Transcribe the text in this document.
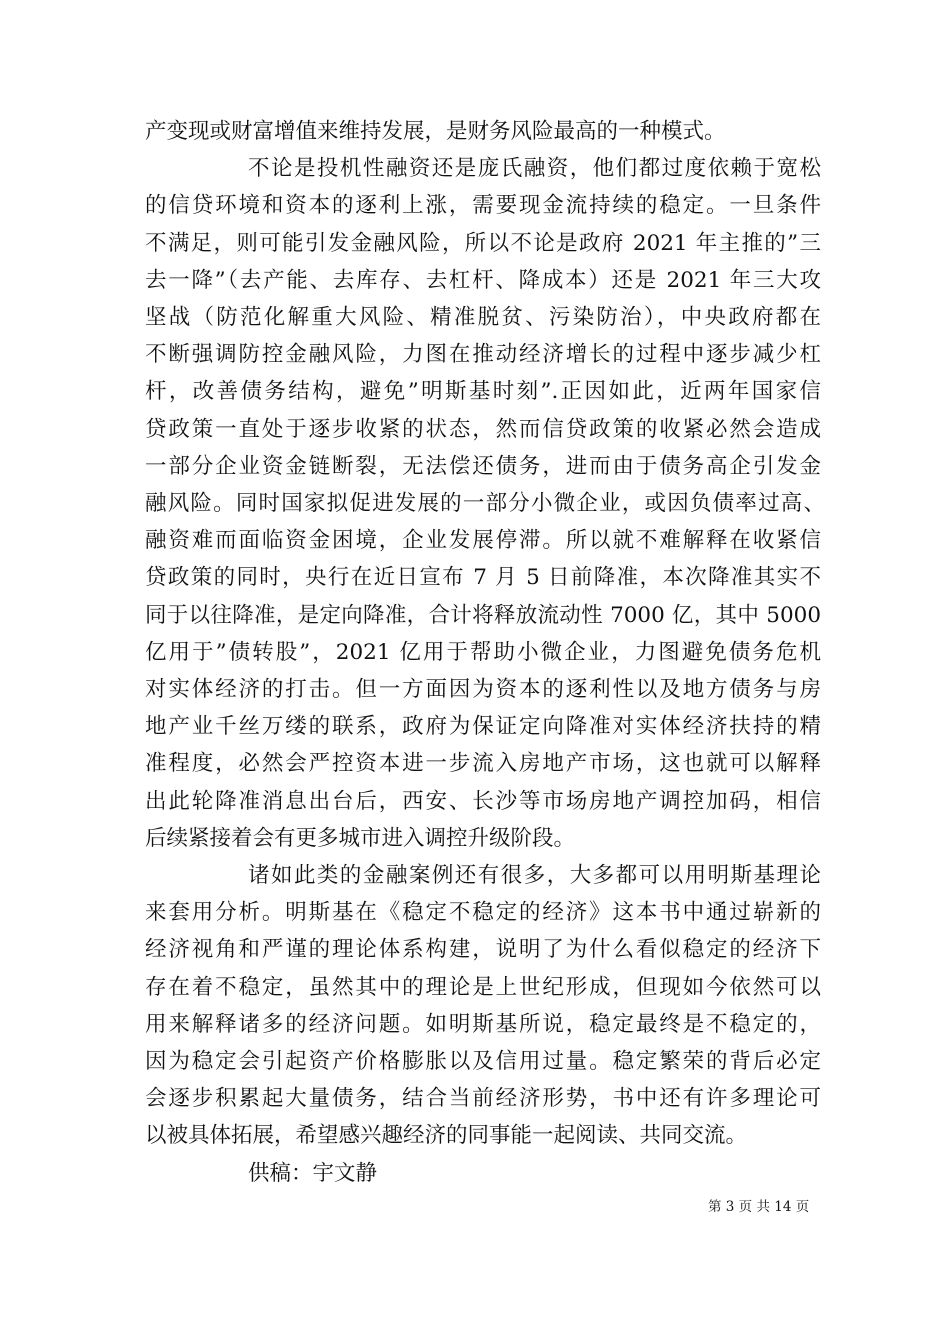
产变现或财富增值来维持发展，是财务风险最高的一种模式。
不论是投机性融资还是庞氏融资，他们都过度依赖于宽松
的信贷环境和资本的逐利上涨，需要现金流持续的稳定。一旦条件
不满足，则可能引发金融风险，所以不论是政府 2021 年主推的”三
去一降”（去产能、去库存、去杠杆、降成本）还是 2021 年三大攻
坚战（防范化解重大风险、精准脱贫、污染防治），中央政府都在
不断强调防控金融风险，力图在推动经济增长的过程中逐步减少杠
杆，改善债务结构，避免”明斯基时刻”.正因如此，近两年国家信
贷政策一直处于逐步收紧的状态，然而信贷政策的收紧必然会造成
一部分企业资金链断裂，无法偿还债务，进而由于债务高企引发金
融风险。同时国家拟促进发展的一部分小微企业，或因负债率过高、
融资难而面临资金困境，企业发展停滞。所以就不难解释在收紧信
贷政策的同时，央行在近日宣布 7 月 5 日前降准，本次降准其实不
同于以往降准，是定向降准，合计将释放流动性 7000 亿，其中 5000
亿用于”债转股”，2021 亿用于帮助小微企业，力图避免债务危机
对实体经济的打击。但一方面因为资本的逐利性以及地方债务与房
地产业千丝万缕的联系，政府为保证定向降准对实体经济扶持的精
准程度，必然会严控资本进一步流入房地产市场，这也就可以解释
出此轮降准消息出台后，西安、长沙等市场房地产调控加码，相信
后续紧接着会有更多城市进入调控升级阶段。
诸如此类的金融案例还有很多，大多都可以用明斯基理论
来套用分析。明斯基在《稳定不稳定的经济》这本书中通过崭新的
经济视角和严谨的理论体系构建，说明了为什么看似稳定的经济下
存在着不稳定，虽然其中的理论是上世纪形成，但现如今依然可以
用来解释诸多的经济问题。如明斯基所说，稳定最终是不稳定的，
因为稳定会引起资产价格膨胀以及信用过量。稳定繁荣的背后必定
会逐步积累起大量债务，结合当前经济形势，书中还有许多理论可
以被具体拓展，希望感兴趣经济的同事能一起阅读、共同交流。
供稿：宇文静
第 3 页 共 14 页
